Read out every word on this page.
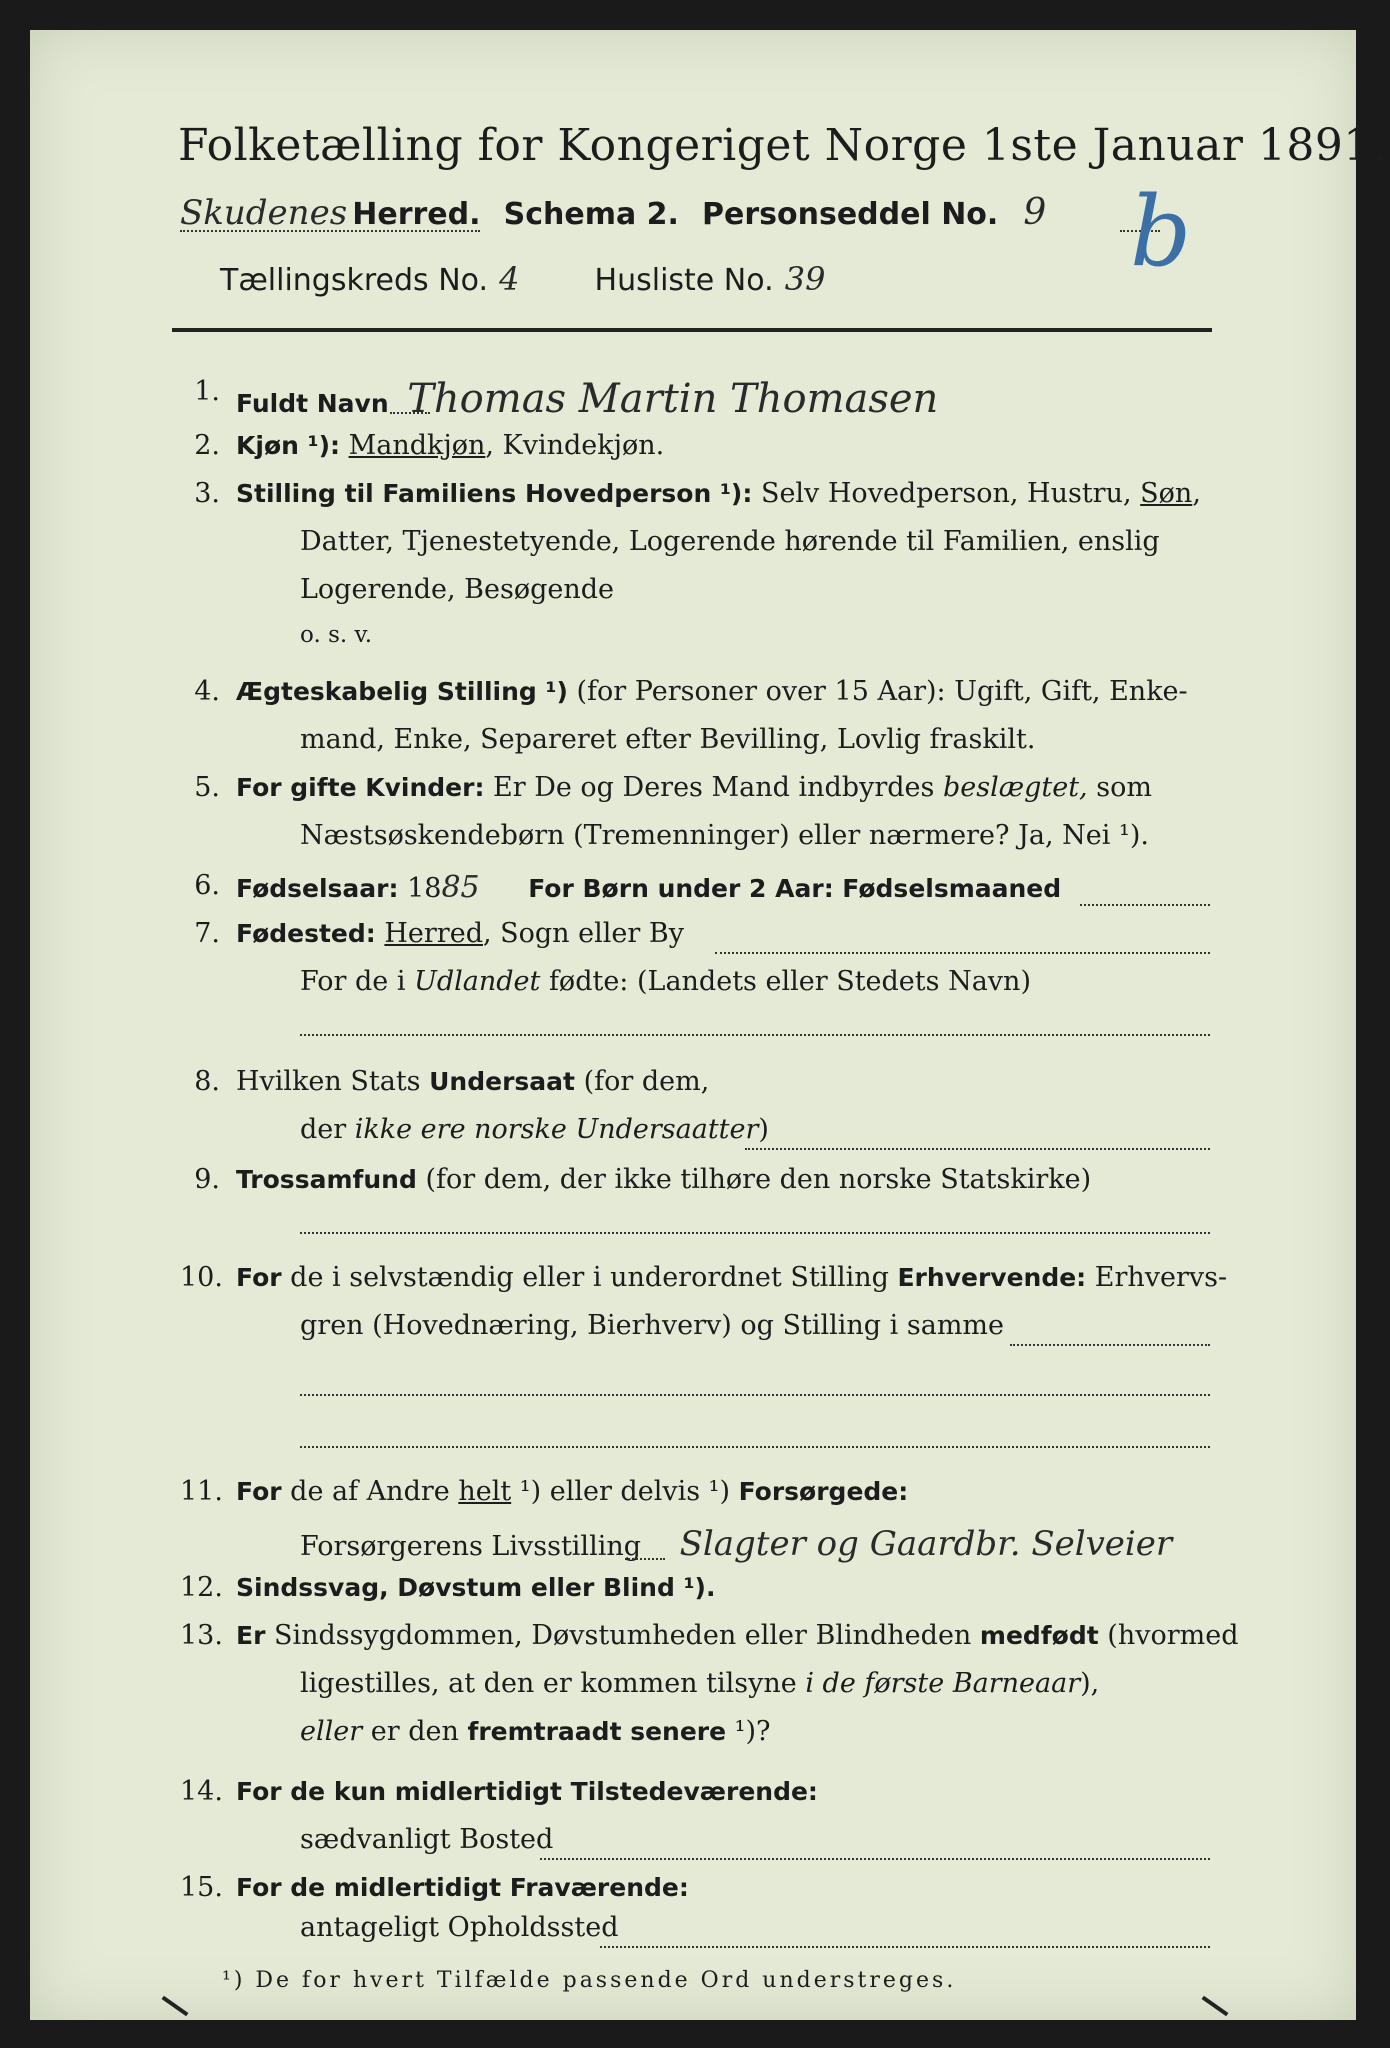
Folketælling for Kongeriget Norge 1ste Januar 1891.
Skudenes Herred. Schema 2. Personseddel No. 9
Tællingskreds No. 4	Husliste No. 39	b
1. Fuldt Navn Thomas Martin Thomasen
2. Kjøn ¹): Mandkjøn, Kvindekjøn.
3. Stilling til Familiens Hovedperson ¹): Selv Hovedperson, Hustru, Søn,
Datter, Tjenestetyende, Logerende hørende til Familien, enslig
Logerende, Besøgende
o. s. v.
4. Ægteskabelig Stilling ¹) (for Personer over 15 Aar): Ugift, Gift, Enke-
mand, Enke, Separeret efter Bevilling, Lovlig fraskilt.
5. For gifte Kvinder: Er De og Deres Mand indbyrdes beslægtet, som
Næstsøskendebørn (Tremenninger) eller nærmere? Ja, Nei ¹).
6. Fødselsaar: 1885 For Børn under 2 Aar: Fødselsmaaned
7. Fødested: Herred, Sogn eller By
For de i Udlandet fødte: (Landets eller Stedets Navn)
8. Hvilken Stats Undersaat (for dem,
der ikke ere norske Undersaatter)
9. Trossamfund (for dem, der ikke tilhøre den norske Statskirke)
10. For de i selvstændig eller i underordnet Stilling Erhvervende: Erhvervs-
gren (Hovednæring, Bierhverv) og Stilling i samme
11. For de af Andre helt ¹) eller delvis ¹) Forsørgede:
Forsørgerens Livsstilling Slagter og Gaardbr. Selveier
12. Sindssvag, Døvstum eller Blind ¹).
13. Er Sindssygdommen, Døvstumheden eller Blindheden medfødt (hvormed
ligestilles, at den er kommen tilsyne i de første Barneaar),
eller er den fremtraadt senere ¹)?
14. For de kun midlertidigt Tilstedeværende:
¹) De for hvert Tilfælde passende Ord understreges.
sædvanligt Bosted
15. For de midlertidigt Fraværende:
antageligt Opholdssted
